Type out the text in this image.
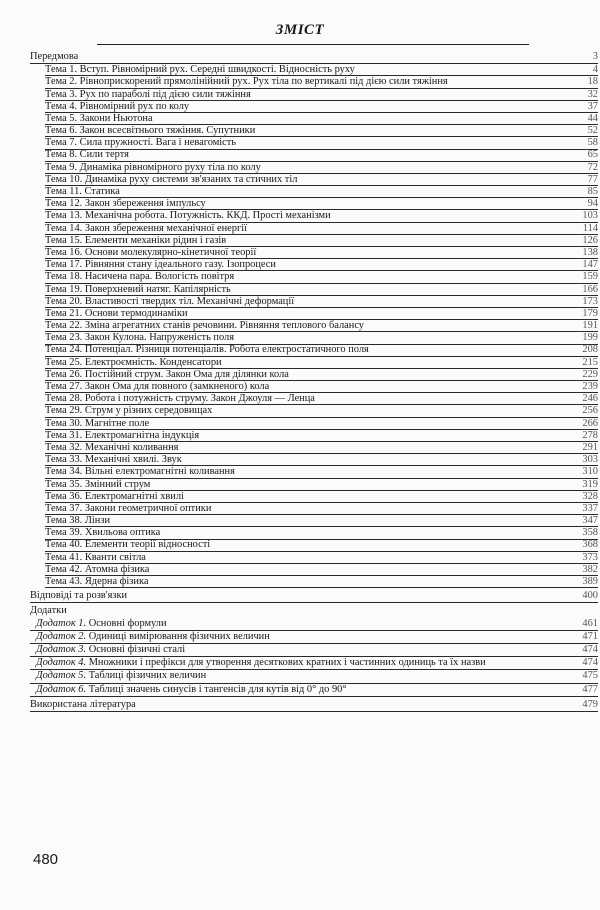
ЗМІСТ
Передмова	3
Тема 1. Вступ. Рівномірний рух. Середні швидкості. Відносність руху	4
Тема 2. Рівноприскорений прямолінійний рух. Рух тіла по вертикалі під дією сили тяжіння	18
Тема 3. Рух по параболі під дією сили тяжіння	32
Тема 4. Рівномірний рух по колу	37
Тема 5. Закони Ньютона	44
Тема 6. Закон всесвітнього тяжіння. Супутники	52
Тема 7. Сила пружності. Вага і невагомість	58
Тема 8. Сили тертя	65
Тема 9. Динаміка рівномірного руху тіла по колу	72
Тема 10. Динаміка руху системи зв'язаних та стичних тіл	77
Тема 11. Статика	85
Тема 12. Закон збереження імпульсу	94
Тема 13. Механічна робота. Потужність. ККД. Прості механізми	103
Тема 14. Закон збереження механічної енергії	114
Тема 15. Елементи механіки рідин і газів	126
Тема 16. Основи молекулярно-кінетичної теорії	138
Тема 17. Рівняння стану ідеального газу. Ізопроцеси	147
Тема 18. Насичена пара. Вологість повітря	159
Тема 19. Поверхневий натяг. Капілярність	166
Тема 20. Властивості твердих тіл. Механічні деформації	173
Тема 21. Основи термодинаміки	179
Тема 22. Зміна агрегатних станів речовини. Рівняння теплового балансу	191
Тема 23. Закон Кулона. Напруженість поля	199
Тема 24. Потенціал. Різниця потенціалів. Робота електростатичного поля	208
Тема 25. Електроємність. Конденсатори	215
Тема 26. Постійний струм. Закон Ома для ділянки кола	229
Тема 27. Закон Ома для повного (замкненого) кола	239
Тема 28. Робота і потужність струму. Закон Джоуля — Ленца	246
Тема 29. Струм у різних середовищах	256
Тема 30. Магнітне поле	266
Тема 31. Електромагнітна індукція	278
Тема 32. Механічні коливання	291
Тема 33. Механічні хвилі. Звук	303
Тема 34. Вільні електромагнітні коливання	310
Тема 35. Змінний струм	319
Тема 36. Електромагнітні хвилі	328
Тема 37. Закони геометричної оптики	337
Тема 38. Лінзи	347
Тема 39. Хвильова оптика	358
Тема 40. Елементи теорії відносності	368
Тема 41. Кванти світла	373
Тема 42. Атомна фізика	382
Тема 43. Ядерна фізика	389
Відповіді та розв'язки	400
Додатки
Додаток 1. Основні формули	461
Додаток 2. Одиниці вимірювання фізичних величин	471
Додаток 3. Основні фізичні сталі	474
Додаток 4. Множники і префікси для утворення десяткових кратних і частинних одиниць та їх назви	474
Додаток 5. Таблиці фізичних величин	475
Додаток 6. Таблиці значень синусів і тангенсів для кутів від 0° до 90°	477
Використана література	479
480
